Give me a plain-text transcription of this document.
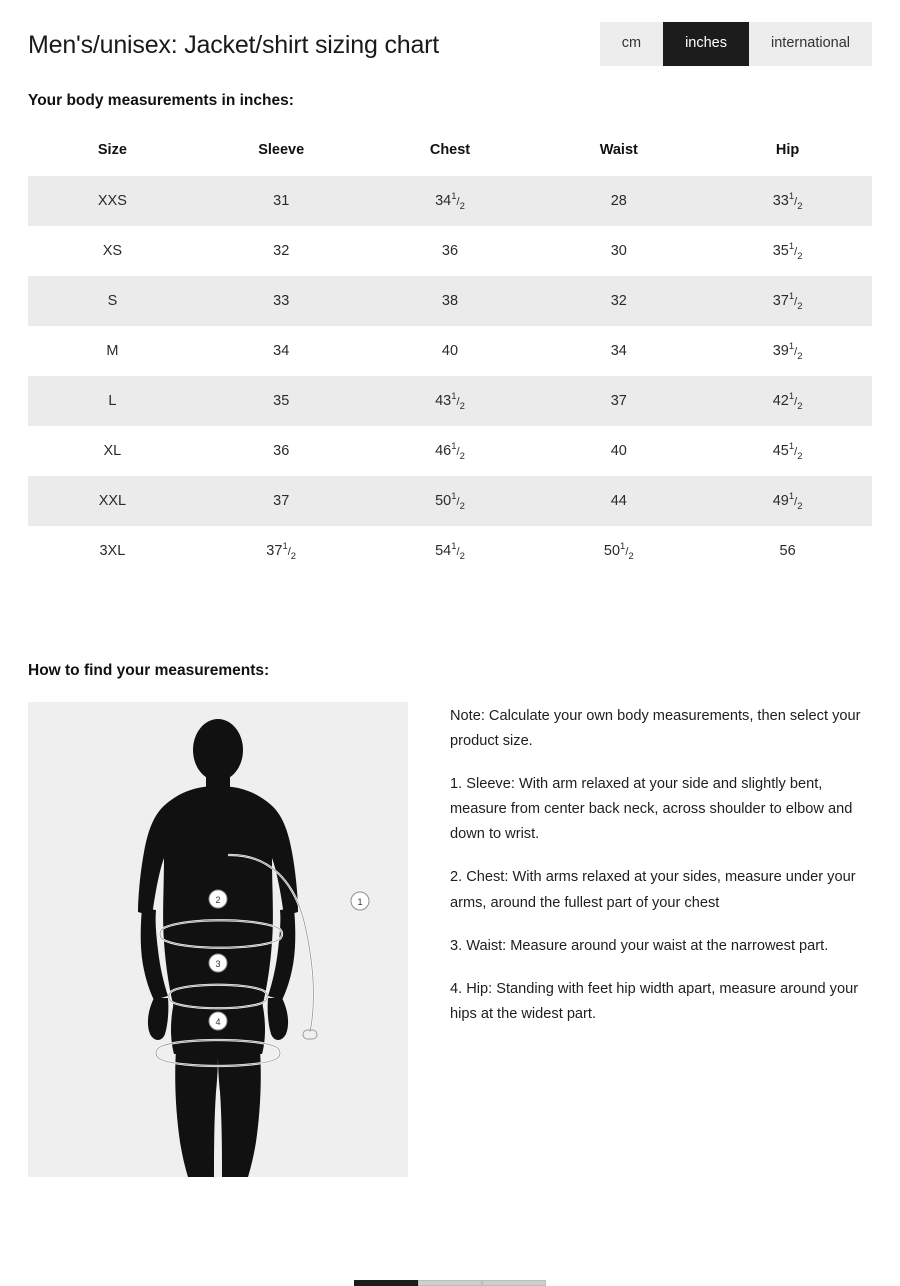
Men's/unisex: Jacket/shirt sizing chart	cm	inches	international
Your body measurements in inches:
Size	Sleeve	Chest	Waist	Hip
XXS	31	$34^1/_2$	28	$33^1/_2$
XS	32	36	30	$35^1/_2$
S	33	38	32	$37^1/_2$
M	34	40	34	$39^1/_2$
L	35	$43^1/_2$	37	$42^1/_2$
XL	36	$46^1/_2$	40	$45^1/_2$
XXL	37	$50^1/_2$	44	$49^1/_2$
3XL	$37^1/_2$	$54^1/_2$	$50^1/_2$	56
How to find your measurements:
1
2
3
4

Note: Calculate your own body measurements, then select your product size.

1. Sleeve: With arm relaxed at your side and slightly bent, measure from center back neck, across shoulder to elbow and down to wrist.

2. Chest: With arms relaxed at your sides, measure under your arms, around the fullest part of your chest

3. Waist: Measure around your waist at the narrowest part.

4. Hip: Standing with feet hip width apart, measure around your hips at the widest part.
